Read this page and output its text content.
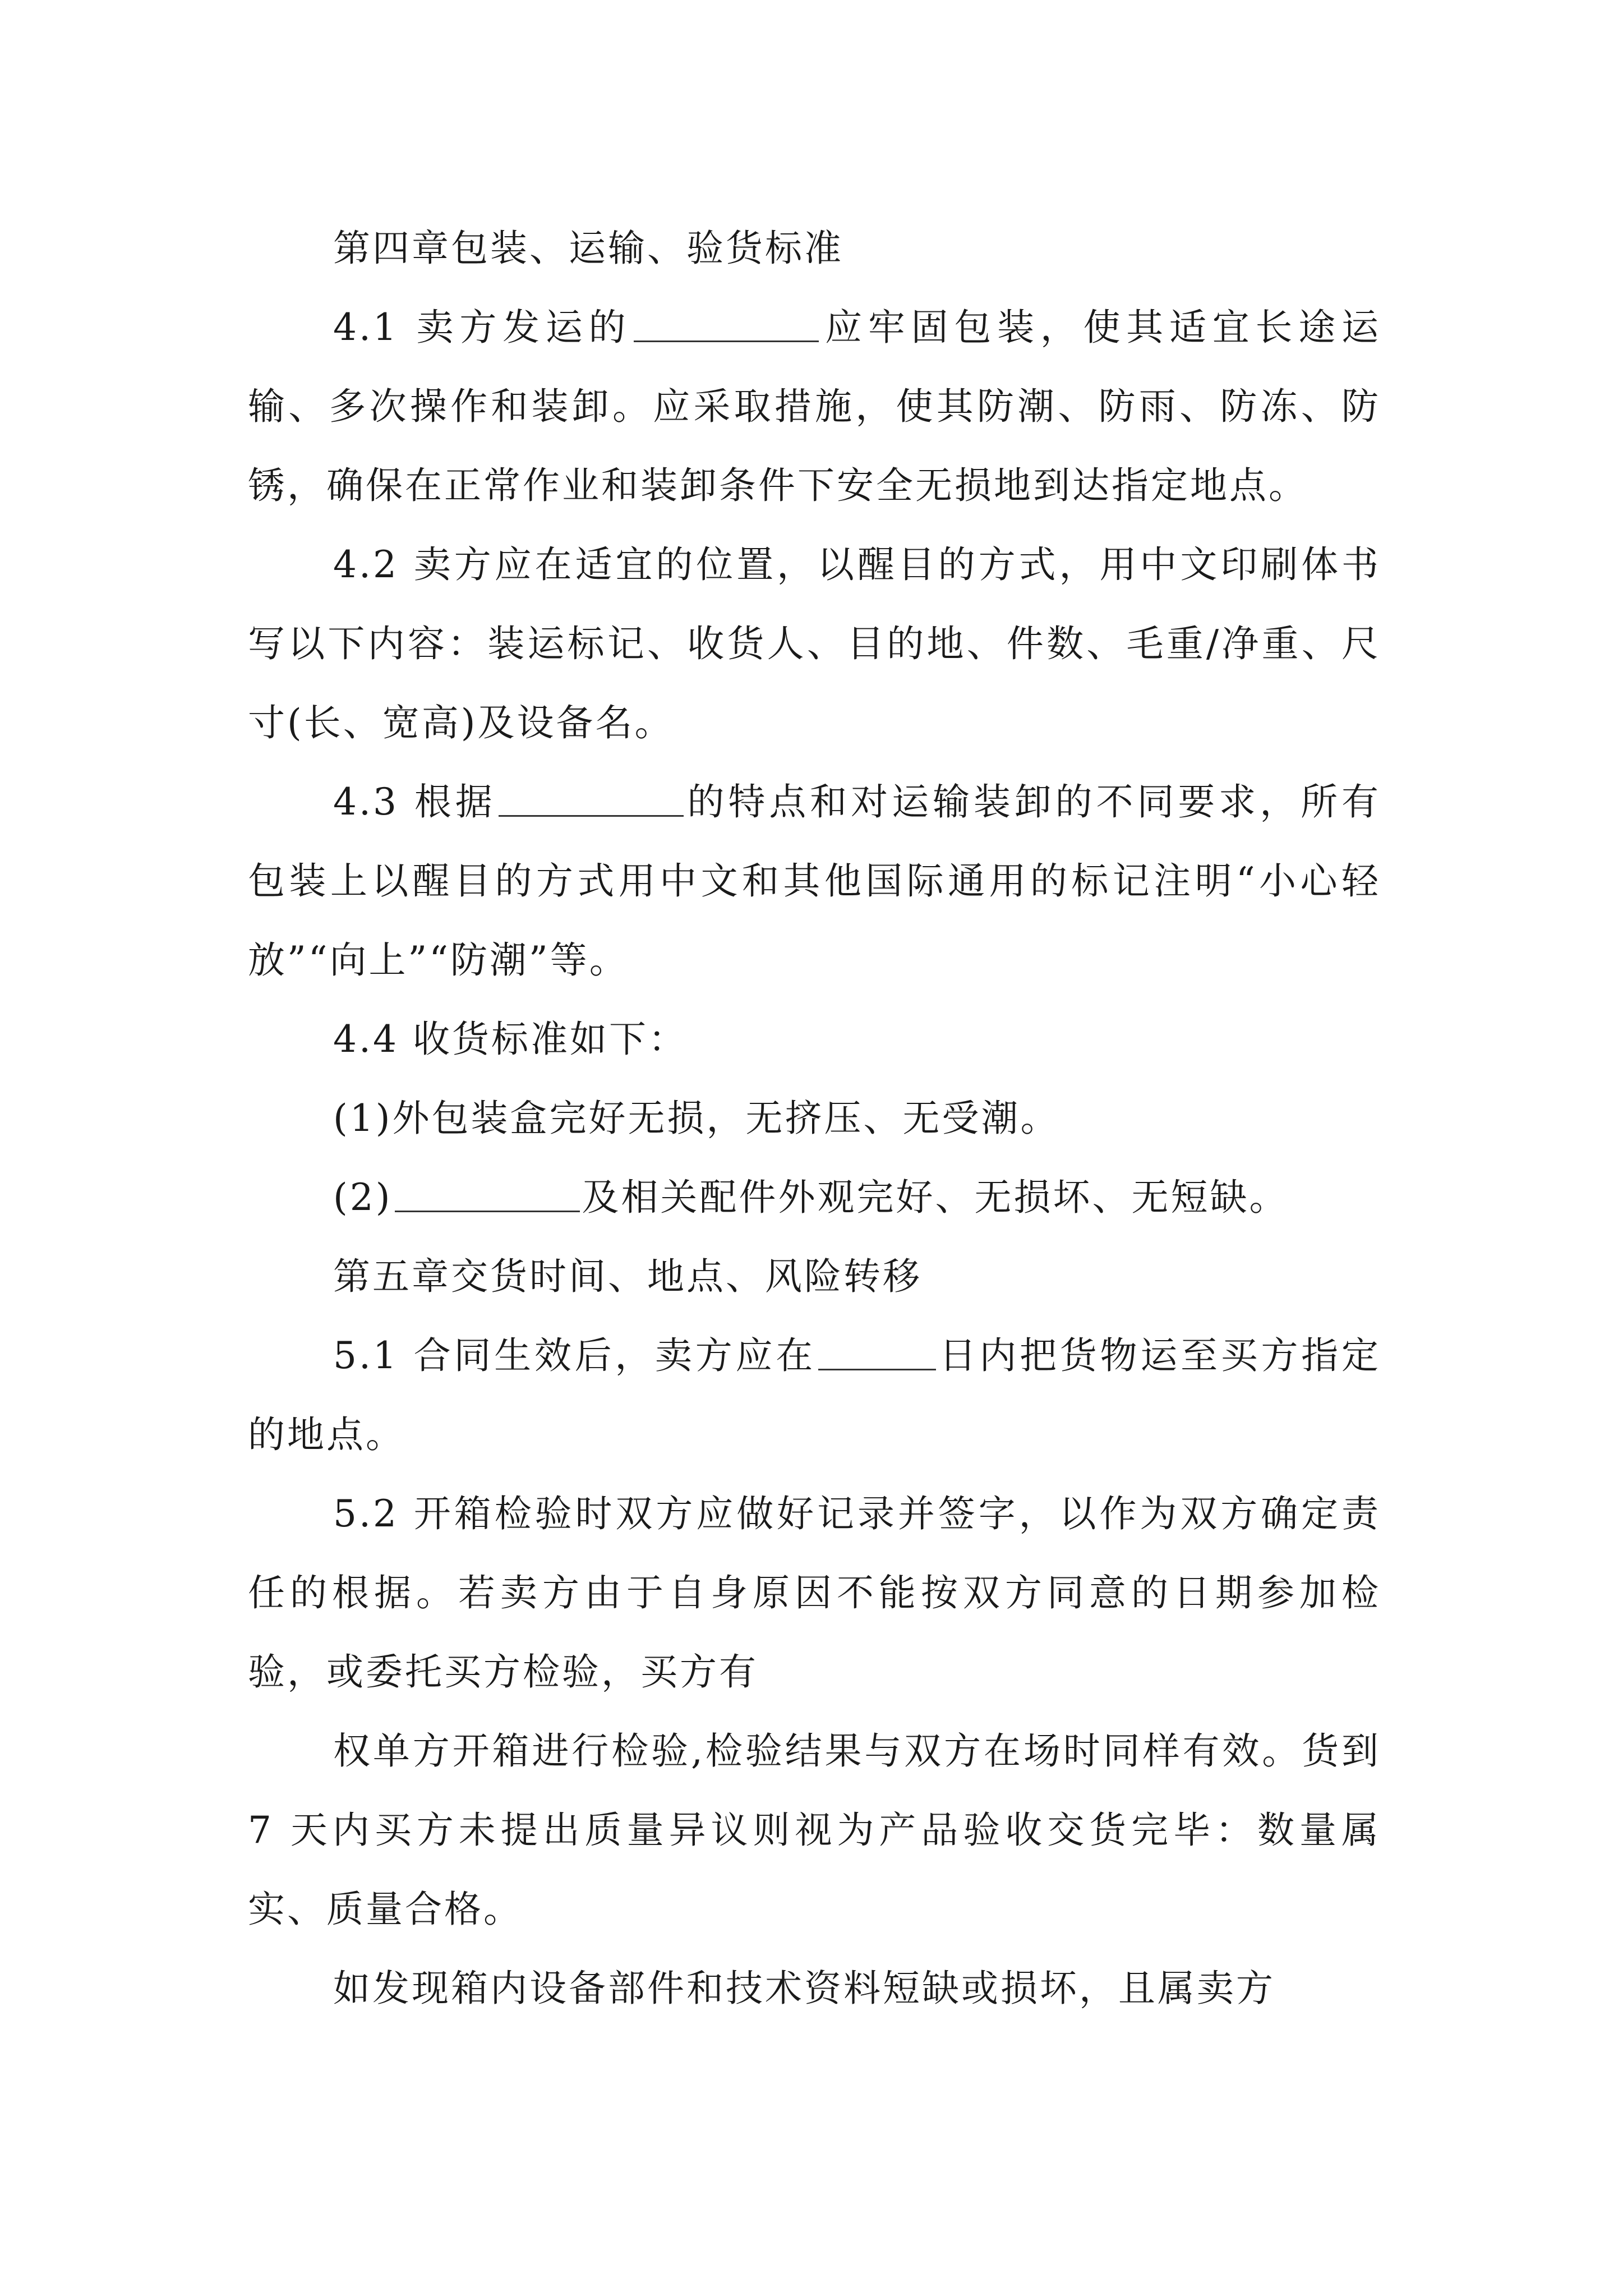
第四章包装、运输、验货标准

4.1 卖方发运的	应牢固包装，使其适宜长途运输、多次操作和装卸。应采取措施，使其防潮、防雨、防冻、防锈，确保在正常作业和装卸条件下安全无损地到达指定地点。

4.2 卖方应在适宜的位置，以醒目的方式，用中文印刷体书写以下内容：装运标记、收货人、目的地、件数、毛重/净重、尺寸(长、宽高)及设备名。

4.3 根据	的特点和对运输装卸的不同要求，所有包装上以醒目的方式用中文和其他国际通用的标记注明“小心轻放”“向上”“防潮”等。

4.4 收货标准如下：

(1)外包装盒完好无损，无挤压、无受潮。

(2)	及相关配件外观完好、无损坏、无短缺。

第五章交货时间、地点、风险转移

5.1 合同生效后，卖方应在	日内把货物运至买方指定的地点。

5.2 开箱检验时双方应做好记录并签字，以作为双方确定责任的根据。若卖方由于自身原因不能按双方同意的日期参加检验，或委托买方检验，买方有

权单方开箱进行检验,检验结果与双方在场时同样有效。货到 7 天内买方未提出质量异议则视为产品验收交货完毕：数量属实、质量合格。

如发现箱内设备部件和技术资料短缺或损坏，且属卖方
